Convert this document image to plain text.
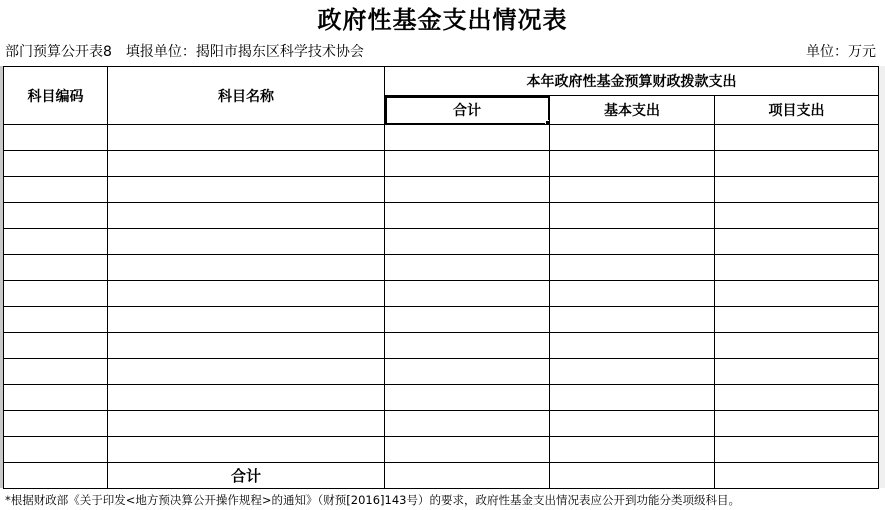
政府性基金支出情况表
部门预算公开表8 填报单位：揭阳市揭东区科学技术协会	单位：万元
科目编码	科目名称	本年政府性基金预算财政拨款支出		
		合计	基本支出	项目支出

	合计			
*根据财政部《关于印发<地方预决算公开操作规程>的通知》（财预[2016]143号）的要求，政府性基金支出情况表应公开到功能分类项级科目。
